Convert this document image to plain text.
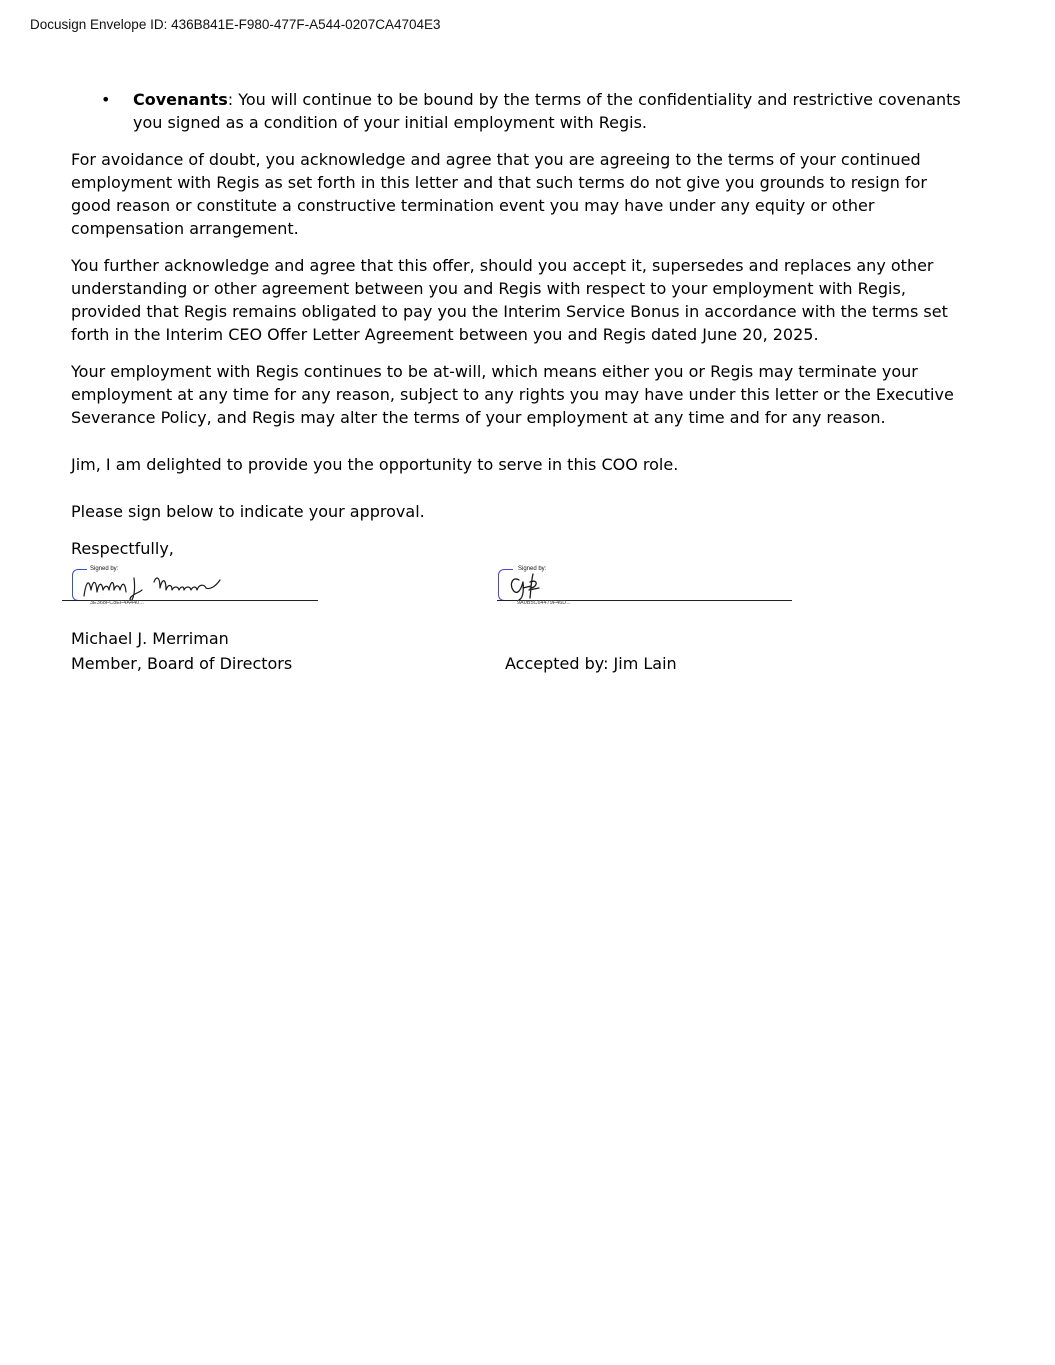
Docusign Envelope ID: 436B841E-F980-477F-A544-0207CA4704E3
• Covenants: You will continue to be bound by the terms of the confidentiality and restrictive covenants you signed as a condition of your initial employment with Regis.

For avoidance of doubt, you acknowledge and agree that you are agreeing to the terms of your continued employment with Regis as set forth in this letter and that such terms do not give you grounds to resign for good reason or constitute a constructive termination event you may have under any equity or other compensation arrangement.

You further acknowledge and agree that this offer, should you accept it, supersedes and replaces any other understanding or other agreement between you and Regis with respect to your employment with Regis, provided that Regis remains obligated to pay you the Interim Service Bonus in accordance with the terms set forth in the Interim CEO Offer Letter Agreement between you and Regis dated June 20, 2025.

Your employment with Regis continues to be at-will, which means either you or Regis may terminate your employment at any time for any reason, subject to any rights you may have under this letter or the Executive Severance Policy, and Regis may alter the terms of your employment at any time and for any reason.

Jim, I am delighted to provide you the opportunity to serve in this COO role.

Please sign below to indicate your approval.

Respectfully,

Signed by:
3E368FC8EF4A440...
Signed by:
9A0B5C64479F46D...
Michael J. Merriman
Member, Board of Directors	Accepted by: Jim Lain
